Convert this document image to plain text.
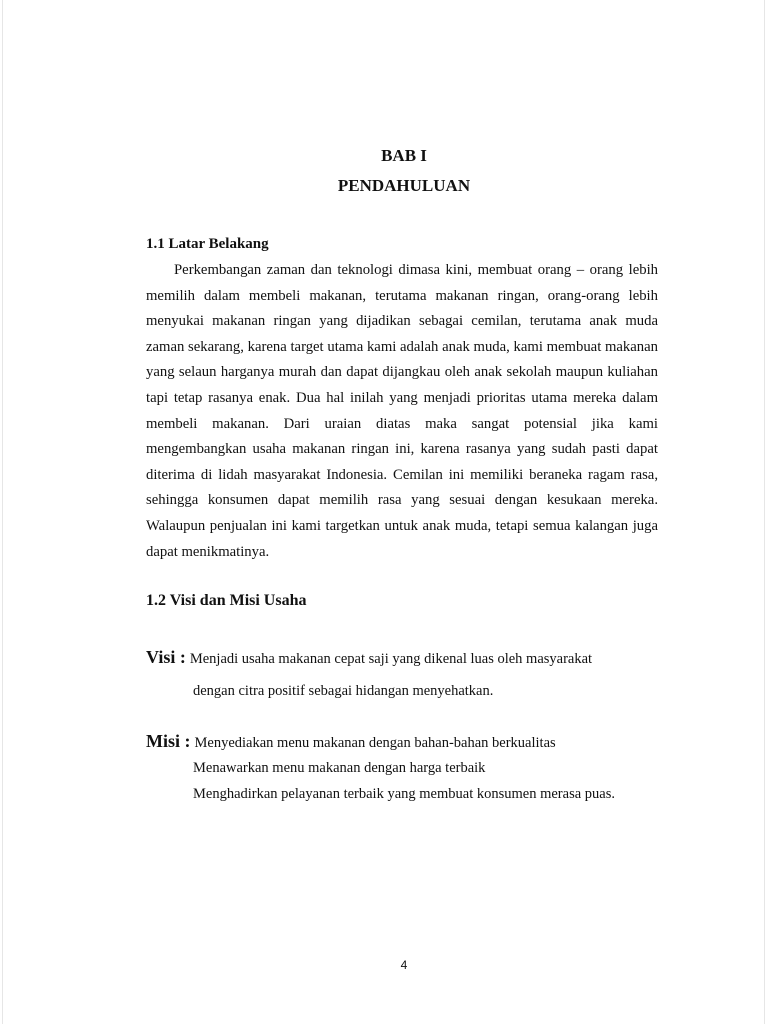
BAB I
PENDAHULUAN
1.1 Latar Belakang

Perkembangan zaman dan teknologi dimasa kini, membuat orang – orang lebih memilih dalam membeli makanan, terutama makanan ringan, orang-orang lebih menyukai makanan ringan yang dijadikan sebagai cemilan, terutama anak muda zaman sekarang, karena target utama kami adalah anak muda, kami membuat makanan yang selaun harganya murah dan dapat dijangkau oleh anak sekolah maupun kuliahan tapi tetap rasanya enak. Dua hal inilah yang menjadi prioritas utama mereka dalam membeli makanan. Dari uraian diatas maka sangat potensial jika kami mengembangkan usaha makanan ringan ini, karena rasanya yang sudah pasti dapat diterima di lidah masyarakat Indonesia. Cemilan ini memiliki beraneka ragam rasa, sehingga konsumen dapat memilih rasa yang sesuai dengan kesukaan mereka. Walaupun penjualan ini kami targetkan untuk anak muda, tetapi semua kalangan juga dapat menikmatinya.

1.2 Visi dan Misi Usaha
Visi : Menjadi usaha makanan cepat saji yang dikenal luas oleh masyarakat
dengan citra positif sebagai hidangan menyehatkan.
Misi : Menyediakan menu makanan dengan bahan-bahan berkualitas
Menawarkan menu makanan dengan harga terbaik
Menghadirkan pelayanan terbaik yang membuat konsumen merasa puas.
4
